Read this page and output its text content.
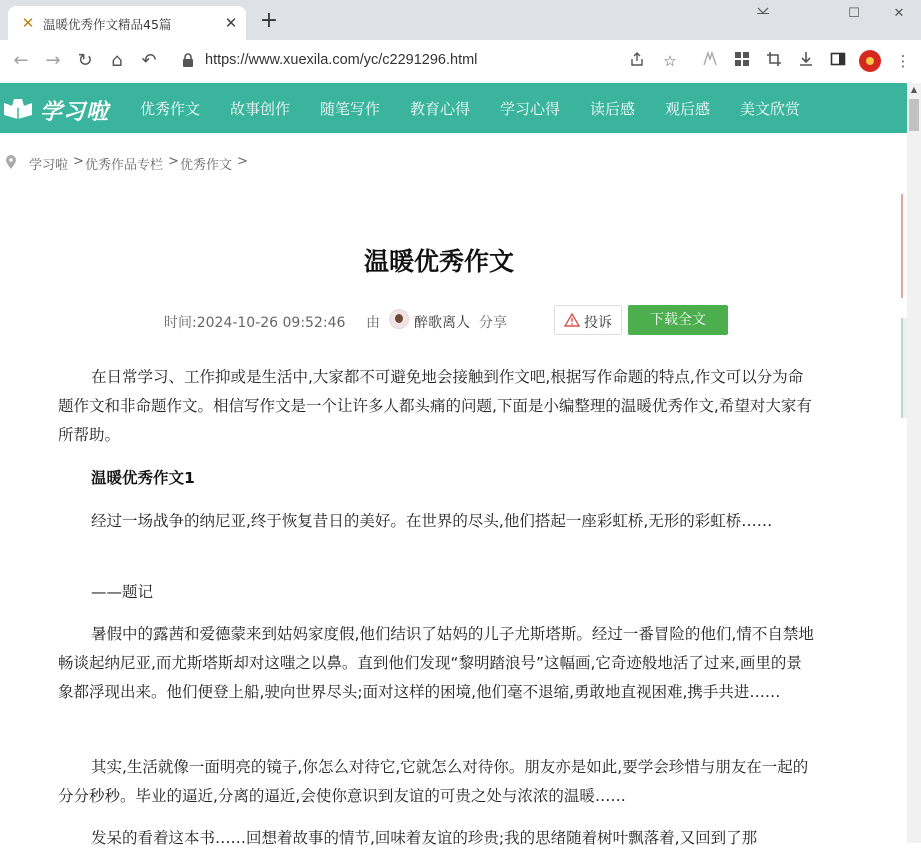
✕ 温暖优秀作文精品45篇	✕ +	—	☐	✕
← → ↻ ⌂ ↶	https://www.xuexila.com/yc/c2291296.html	☆	⋮
学习啦 优秀作文 故事创作 随笔写作 教育心得 学习心得 读后感 观后感 美文欣赏
▲
学习啦 > 优秀作品专栏 > 优秀作文 >
温暖优秀作文
时间:2024-10-26 09:52:46 由 醉歌离人 分享	投诉	下载全文

在日常学习、工作抑或是生活中,大家都不可避免地会接触到作文吧,根据写作命题的特点,作文可以分为命题作文和非命题作文。相信写作文是一个让许多人都头痛的问题,下面是小编整理的温暖优秀作文,希望对大家有所帮助。

温暖优秀作文1

经过一场战争的纳尼亚,终于恢复昔日的美好。在世界的尽头,他们搭起一座彩虹桥,无形的彩虹桥……

——题记

暑假中的露茜和爱德蒙来到姑妈家度假,他们结识了姑妈的儿子尤斯塔斯。经过一番冒险的他们,情不自禁地畅谈起纳尼亚,而尤斯塔斯却对这嗤之以鼻。直到他们发现“黎明踏浪号”这幅画,它奇迹般地活了过来,画里的景象都浮现出来。他们便登上船,驶向世界尽头;面对这样的困境,他们毫不退缩,勇敢地直视困难,携手共进……

其实,生活就像一面明亮的镜子,你怎么对待它,它就怎么对待你。朋友亦是如此,要学会珍惜与朋友在一起的分分秒秒。毕业的逼近,分离的逼近,会使你意识到友谊的可贵之处与浓浓的温暖……

发呆的看着这本书……回想着故事的情节,回味着友谊的珍贵;我的思绪随着树叶飘落着,又回到了那
